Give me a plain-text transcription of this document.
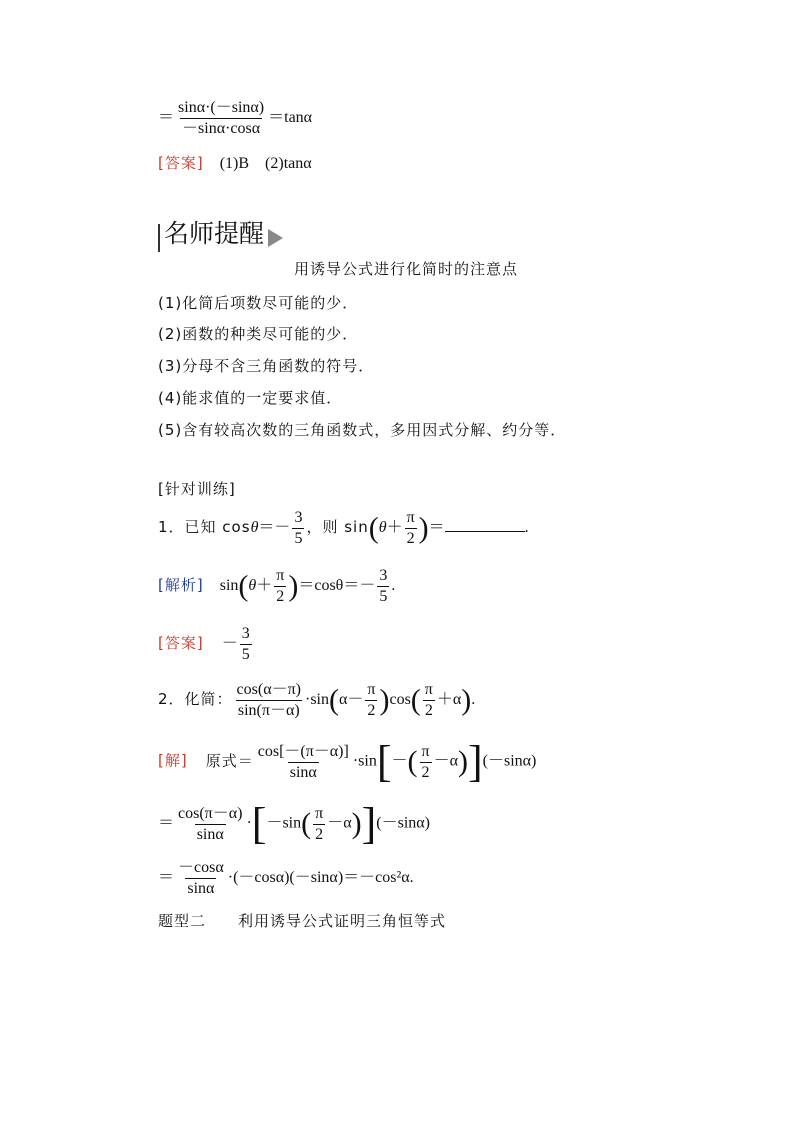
＝ $\frac{\sin\alpha\cdot(-\sin\alpha)}{-\sin\alpha\cdot\cos\alpha} =\tan\alpha$
[答案] (1)B　(2)tanα
名师提醒
用诱导公式进行化简时的注意点
(1)化简后项数尽可能的少．
(2)函数的种类尽可能的少．
(3)分母不含三角函数的符号．
(4)能求值的一定要求值．
(5)含有较高次数的三角函数式，多用因式分解、约分等．
[针对训练]
1．已知 $\cos\theta=- \frac{3}{5}$ ，则 $\sin(\theta+ \frac{\pi}{2}$ )＝	.
[解析] $\sin(\theta+ \frac{\pi}{2} )=\cos\theta=- \frac{3}{5}$ .
[答案] － $\frac{3}{5}$
2．化简： $\frac{\cos(\alpha-\pi)}{\sin(\pi-\alpha)} \cdot\sin(\alpha- \frac{\pi}{2} )\cos( \frac{\pi}{2} +\alpha)$.
[解] 原式＝ $\frac{\cos[-(\pi-\alpha)]}{\sin\alpha} \cdot\sin[-( \frac{\pi}{2} -\alpha)](-\sin\alpha)$
＝ $\frac{\cos(\pi-\alpha)}{\sin\alpha} \cdot[-\sin( \frac{\pi}{2} -\alpha)](-\sin\alpha)$
＝ $\frac{-\cos\alpha}{\sin\alpha} \cdot(-\cos\alpha)(-\sin\alpha)=-\cos^2\alpha$.
题型二　　利用诱导公式证明三角恒等式
